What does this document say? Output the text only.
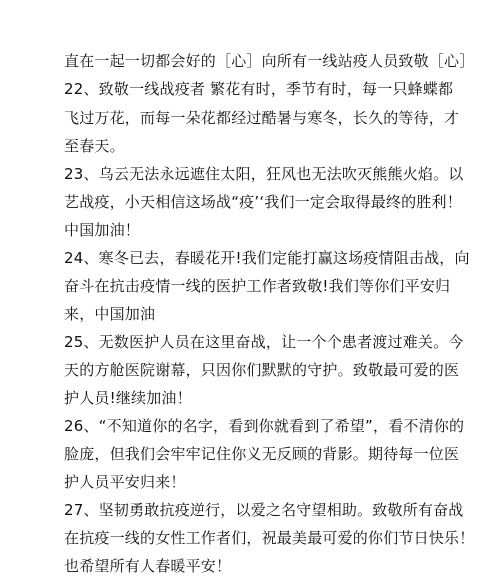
直在一起一切都会好的［心］向所有一线站疫人员致敬［心］
22、致敬一线战疫者 繁花有时，季节有时，每一只蜂蝶都
飞过万花，而每一朵花都经过酷暑与寒冬，长久的等待，才
至春天。
23、乌云无法永远遮住太阳，狂风也无法吹灭熊熊火焰。以
艺战疫，小天相信这场战“疫’‘我们一定会取得最终的胜利！
中国加油！
24、寒冬已去，春暖花开!我们定能打赢这场疫情阻击战，向
奋斗在抗击疫情一线的医护工作者致敬!我们等你们平安归
来，中国加油
25、无数医护人员在这里奋战，让一个个患者渡过难关。今
天的方舱医院谢幕，只因你们默默的守护。致敬最可爱的医
护人员!继续加油！
26、“不知道你的名字，看到你就看到了希望”，看不清你的
脸庞，但我们会牢牢记住你义无反顾的背影。期待每一位医
护人员平安归来！
27、坚韧勇敢抗疫逆行，以爱之名守望相助。致敬所有奋战
在抗疫一线的女性工作者们，祝最美最可爱的你们节日快乐！
也希望所有人春暖平安！
